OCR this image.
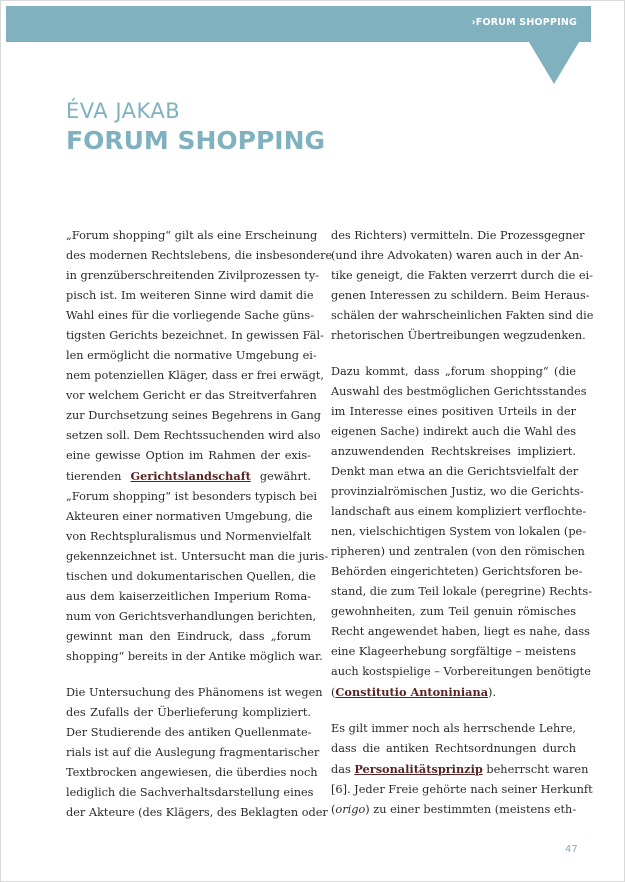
›FORUM SHOPPING
ÉVA JAKAB
FORUM SHOPPING
„Forum shopping“ gilt als eine Erscheinung
des modernen Rechtslebens, die insbesondere
in grenzüberschreitenden Zivilprozessen ty-
pisch ist. Im weiteren Sinne wird damit die
Wahl eines für die vorliegende Sache güns-
tigsten Gerichts bezeichnet. In gewissen Fäl-
len ermöglicht die normative Umgebung ei-
nem potenziellen Kläger, dass er frei erwägt,
vor welchem Gericht er das Streitverfahren
zur Durchsetzung seines Begehrens in Gang
setzen soll. Dem Rechtssuchenden wird also
eine gewisse Option im Rahmen der exis-
tierenden Gerichtslandschaft gewährt.
„Forum shopping“ ist besonders typisch bei
Akteuren einer normativen Umgebung, die
von Rechtspluralismus und Normenvielfalt
gekennzeichnet ist. Untersucht man die juris-
tischen und dokumentarischen Quellen, die
aus dem kaiserzeitlichen Imperium Roma-
num von Gerichtsverhandlungen berichten,
gewinnt man den Eindruck, dass „forum
shopping“ bereits in der Antike möglich war.
Die Untersuchung des Phänomens ist wegen
des Zufalls der Überlieferung kompliziert.
Der Studierende des antiken Quellenmate-
rials ist auf die Auslegung fragmentarischer
Textbrocken angewiesen, die überdies noch
lediglich die Sachverhaltsdarstellung eines
der Akteure (des Klägers, des Beklagten oder
des Richters) vermitteln. Die Prozessgegner
(und ihre Advokaten) waren auch in der An-
tike geneigt, die Fakten verzerrt durch die ei-
genen Interessen zu schildern. Beim Heraus-
schälen der wahrscheinlichen Fakten sind die
rhetorischen Übertreibungen wegzudenken.
Dazu kommt, dass „forum shopping“ (die
Auswahl des bestmöglichen Gerichtsstandes
im Interesse eines positiven Urteils in der
eigenen Sache) indirekt auch die Wahl des
anzuwendenden Rechtskreises impliziert.
Denkt man etwa an die Gerichtsvielfalt der
provinzialrömischen Justiz, wo die Gerichts-
landschaft aus einem kompliziert verflochte-
nen, vielschichtigen System von lokalen (pe-
ripheren) und zentralen (von den römischen
Behörden eingerichteten) Gerichtsforen be-
stand, die zum Teil lokale (peregrine) Rechts-
gewohnheiten, zum Teil genuin römisches
Recht angewendet haben, liegt es nahe, dass
eine Klageerhebung sorgfältige – meistens
auch kostspielige – Vorbereitungen benötigte
(Constitutio Antoniniana).
Es gilt immer noch als herrschende Lehre,
dass die antiken Rechtsordnungen durch
das Personalitätsprinzip beherrscht waren
[6]. Jeder Freie gehörte nach seiner Herkunft
(origo) zu einer bestimmten (meistens eth-
47
